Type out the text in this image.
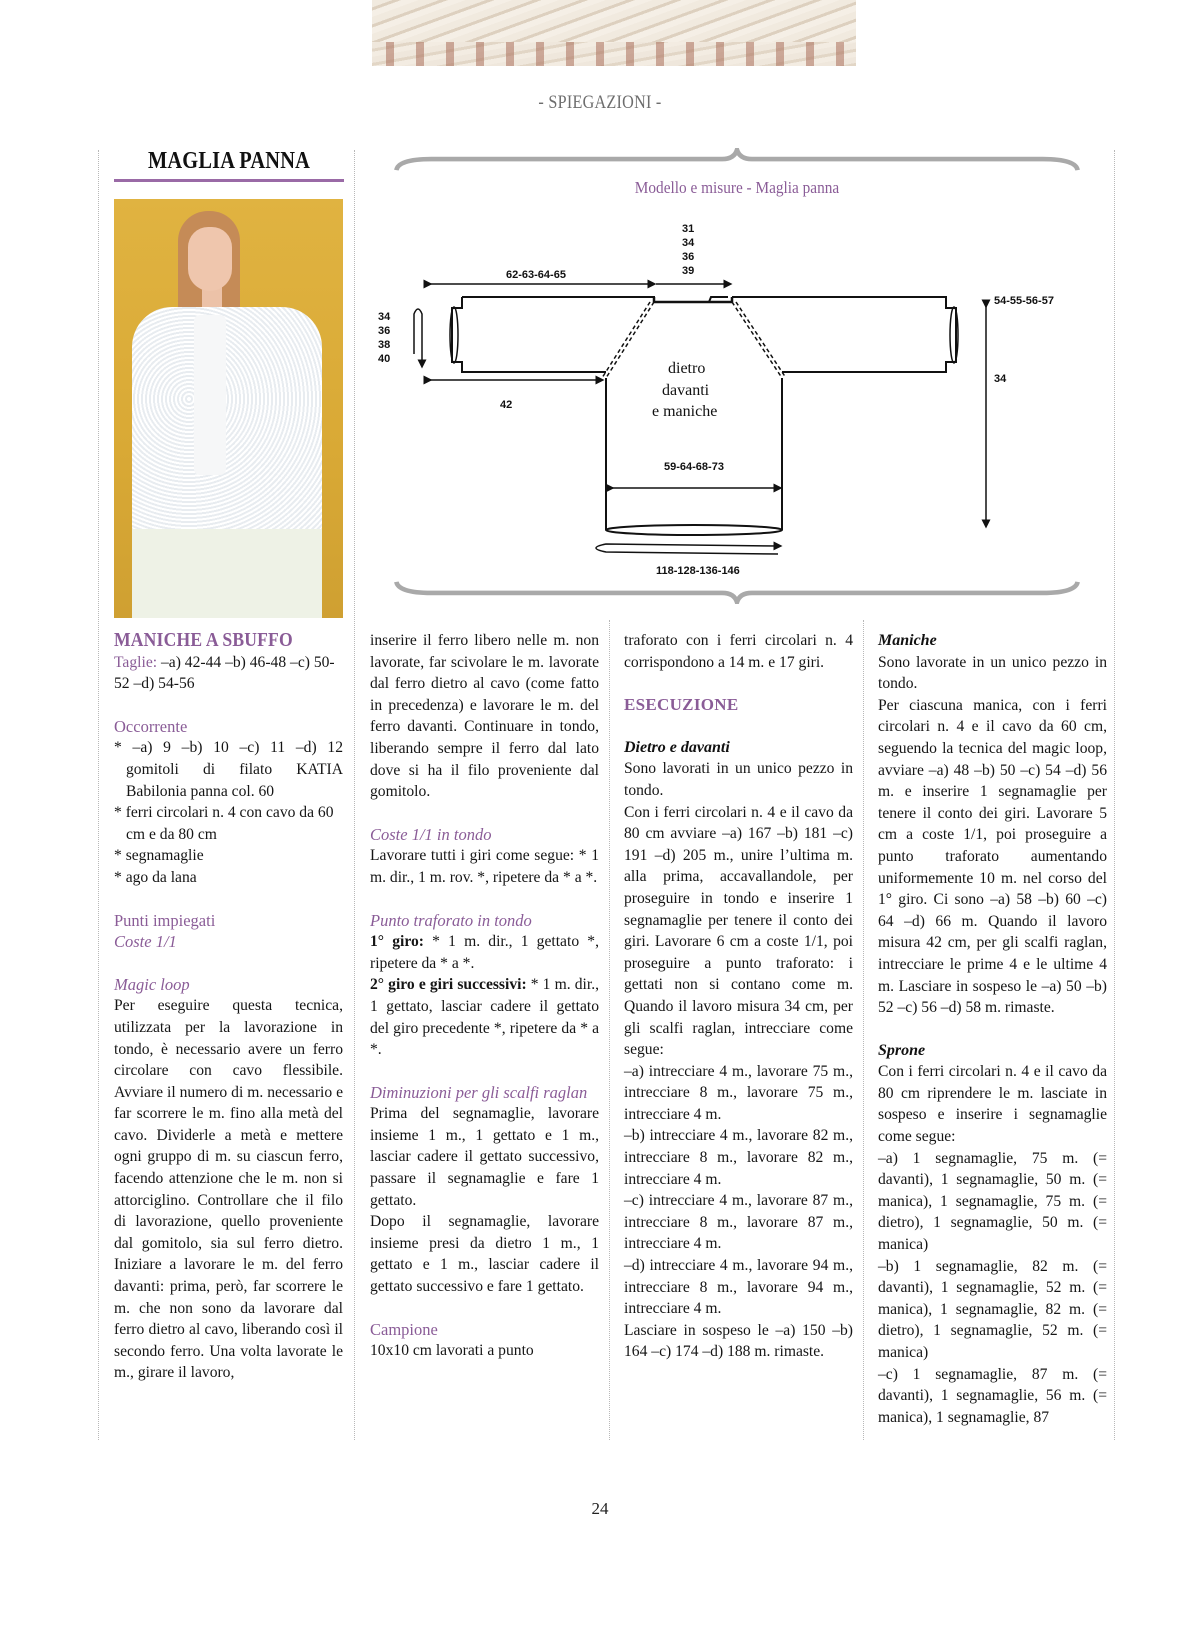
- SPIEGAZIONI -
MAGLIA PANNA
Modello e misure - Maglia panna
62-63-64-65
31
34
36
39
34
36
38
40
42
54-55-56-57
34
59-64-68-73
118-128-136-146
dietro
davanti
e maniche
MANICHE A SBUFFO
Taglie: –a) 42-44 –b) 46-48 –c) 50-52 –d) 54-56
Occorrente
* –a) 9 –b) 10 –c) 11 –d) 12 gomitoli di filato KATIA Babilonia panna col. 60
* ferri circolari n. 4 con cavo da 60 cm e da 80 cm
* segnamaglie
* ago da lana
Punti impiegati
Coste 1/1
Magic loop

Per eseguire questa tecnica, utilizzata per la lavorazione in tondo, è necessario avere un ferro circolare con cavo flessibile. Avviare il numero di m. necessario e far scorrere le m. fino alla metà del cavo. Dividerle a metà e mettere ogni gruppo di m. su ciascun ferro, facendo attenzione che le m. non si attorciglino. Controllare che il filo di lavorazione, quello proveniente dal gomitolo, sia sul ferro dietro. Iniziare a lavorare le m. del ferro davanti: prima, però, far scorrere le m. che non sono da lavorare dal ferro dietro al cavo, liberando così il secondo ferro. Una volta lavorate le m., girare il lavoro,

inserire il ferro libero nelle m. non lavorate, far scivolare le m. lavorate dal ferro dietro al cavo (come fatto in precedenza) e lavorare le m. del ferro davanti. Continuare in tondo, liberando sempre il ferro dal lato dove si ha il filo proveniente dal gomitolo.

Coste 1/1 in tondo

Lavorare tutti i giri come segue: * 1 m. dir., 1 m. rov. *, ripetere da * a *.

Punto traforato in tondo

1° giro: * 1 m. dir., 1 gettato *, ripetere da * a *.

2° giro e giri successivi: * 1 m. dir., 1 gettato, lasciar cadere il gettato del giro precedente *, ripetere da * a *.

Diminuzioni per gli scalfi raglan

Prima del segnamaglie, lavorare insieme 1 m., 1 gettato e 1 m., lasciar cadere il gettato successivo, passare il segnamaglie e fare 1 gettato.

Dopo il segnamaglie, lavorare insieme presi da dietro 1 m., 1 gettato e 1 m., lasciar cadere il gettato successivo e fare 1 gettato.

Campione

10x10 cm lavorati a punto

traforato con i ferri circolari n. 4 corrispondono a 14 m. e 17 giri.

ESECUZIONE
Dietro e davanti

Sono lavorati in un unico pezzo in tondo.

Con i ferri circolari n. 4 e il cavo da 80 cm avviare –a) 167 –b) 181 –c) 191 –d) 205 m., unire l’ultima m. alla prima, accavallandole, per proseguire in tondo e inserire 1 segnamaglie per tenere il conto dei giri. Lavorare 6 cm a coste 1/1, poi proseguire a punto traforato: i gettati non si contano come m. Quando il lavoro misura 34 cm, per gli scalfi raglan, intrecciare come segue:

–a) intrecciare 4 m., lavorare 75 m., intrecciare 8 m., lavorare 75 m., intrecciare 4 m.

–b) intrecciare 4 m., lavorare 82 m., intrecciare 8 m., lavorare 82 m., intrecciare 4 m.

–c) intrecciare 4 m., lavorare 87 m., intrecciare 8 m., lavorare 87 m., intrecciare 4 m.

–d) intrecciare 4 m., lavorare 94 m., intrecciare 8 m., lavorare 94 m., intrecciare 4 m.

Lasciare in sospeso le –a) 150 –b) 164 –c) 174 –d) 188 m. rimaste.

Maniche

Sono lavorate in un unico pezzo in tondo.

Per ciascuna manica, con i ferri circolari n. 4 e il cavo da 60 cm, seguendo la tecnica del magic loop, avviare –a) 48 –b) 50 –c) 54 –d) 56 m. e inserire 1 segnamaglie per tenere il conto dei giri. Lavorare 5 cm a coste 1/1, poi proseguire a punto traforato aumentando uniformemente 10 m. nel corso del 1° giro. Ci sono –a) 58 –b) 60 –c) 64 –d) 66 m. Quando il lavoro misura 42 cm, per gli scalfi raglan, intrecciare le prime 4 e le ultime 4 m. Lasciare in sospeso le –a) 50 –b) 52 –c) 56 –d) 58 m. rimaste.

Sprone

Con i ferri circolari n. 4 e il cavo da 80 cm riprendere le m. lasciate in sospeso e inserire i segnamaglie come segue:

–a) 1 segnamaglie, 75 m. (= davanti), 1 segnamaglie, 50 m. (= manica), 1 segnamaglie, 75 m. (= dietro), 1 segnamaglie, 50 m. (= manica)

–b) 1 segnamaglie, 82 m. (= davanti), 1 segnamaglie, 52 m. (= manica), 1 segnamaglie, 82 m. (= dietro), 1 segnamaglie, 52 m. (= manica)

–c) 1 segnamaglie, 87 m. (= davanti), 1 segnamaglie, 56 m. (= manica), 1 segnamaglie, 87

24
